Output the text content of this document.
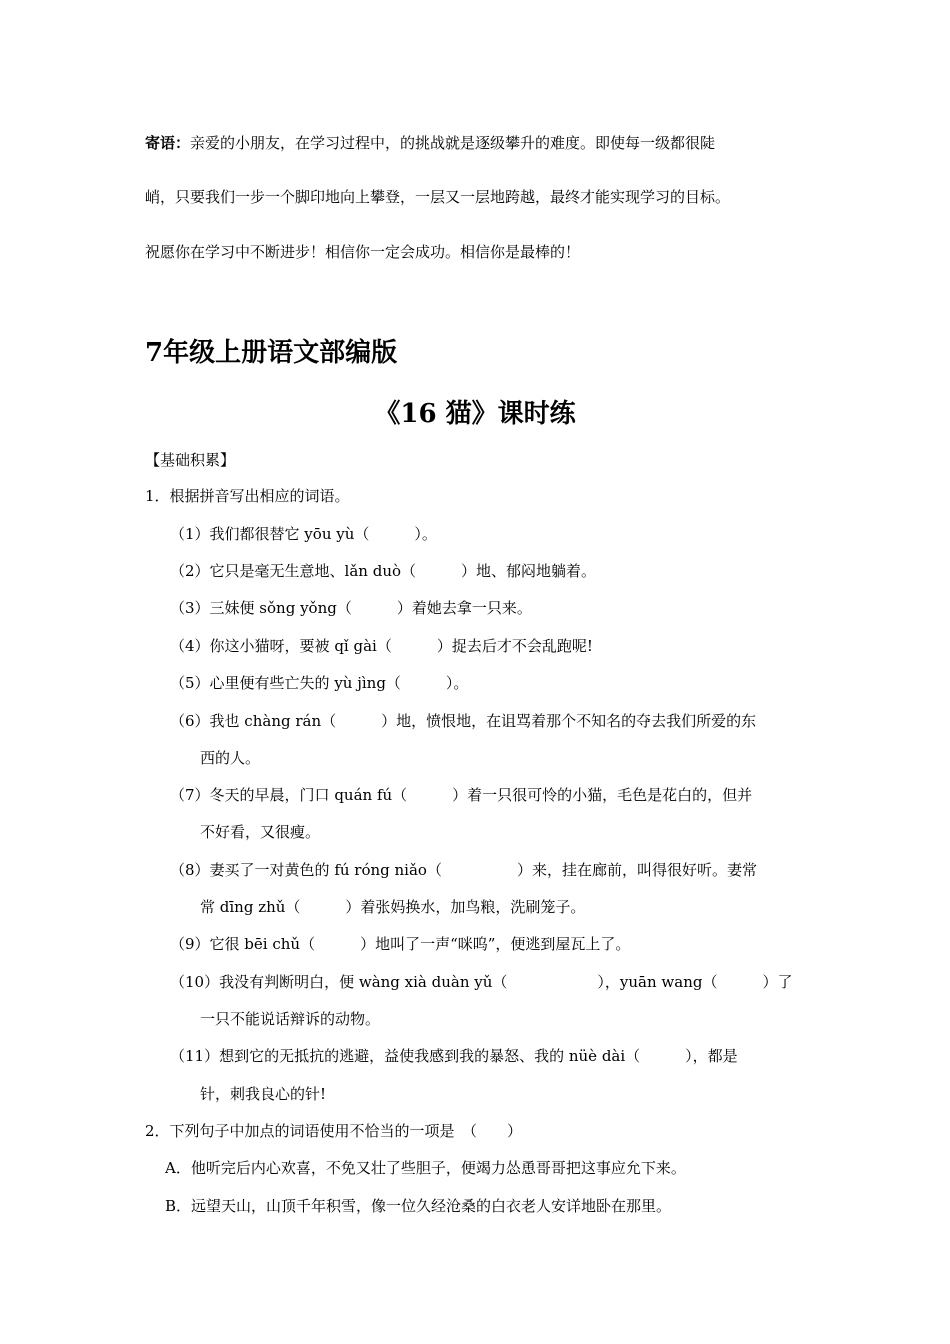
寄语：亲爱的小朋友，在学习过程中，的挑战就是逐级攀升的难度。即使每一级都很陡
峭，只要我们一步一个脚印地向上攀登，一层又一层地跨越，最终才能实现学习的目标。
祝愿你在学习中不断进步！相信你一定会成功。相信你是最棒的！
7年级上册语文部编版
《16 猫》课时练
【基础积累】
1．根据拼音写出相应的词语。
（1）我们都很替它 yōu yù（　　　）。
（2）它只是毫无生意地、lǎn duò（　　　）地、郁闷地躺着。
（3）三妹便 sǒng yǒng（　　　）着她去拿一只来。
（4）你这小猫呀，要被 qǐ gài（　　　）捉去后才不会乱跑呢!
（5）心里便有些亡失的 yù jìng（　　　）。
（6）我也 chàng rán（　　　）地，愤恨地，在诅骂着那个不知名的夺去我们所爱的东
西的人。
（7）冬天的早晨，门口 quán fú（　　　）着一只很可怜的小猫，毛色是花白的，但并
不好看，又很瘦。
（8）妻买了一对黄色的 fú róng niǎo（　　　　　）来，挂在廊前，叫得很好听。妻常
常 dīng zhǔ（　　　）着张妈换水，加鸟粮，洗刷笼子。
（9）它很 bēi chǔ（　　　）地叫了一声“咪呜”，便逃到屋瓦上了。
（10）我没有判断明白，便 wàng xià duàn yǔ（　　　　　　），yuān wang（　　　）了
一只不能说话辩诉的动物。
（11）想到它的无抵抗的逃避，益使我感到我的暴怒、我的 nüè dài（　　　），都是
针，刺我良心的针!
2．下列句子中加点的词语使用不恰当的一项是　（　　）
A．他听完后内心欢喜，不免又壮了些胆子，便竭力怂恿哥哥把这事应允下来。
B．远望天山，山顶千年积雪，像一位久经沧桑的白衣老人安详地卧在那里。
